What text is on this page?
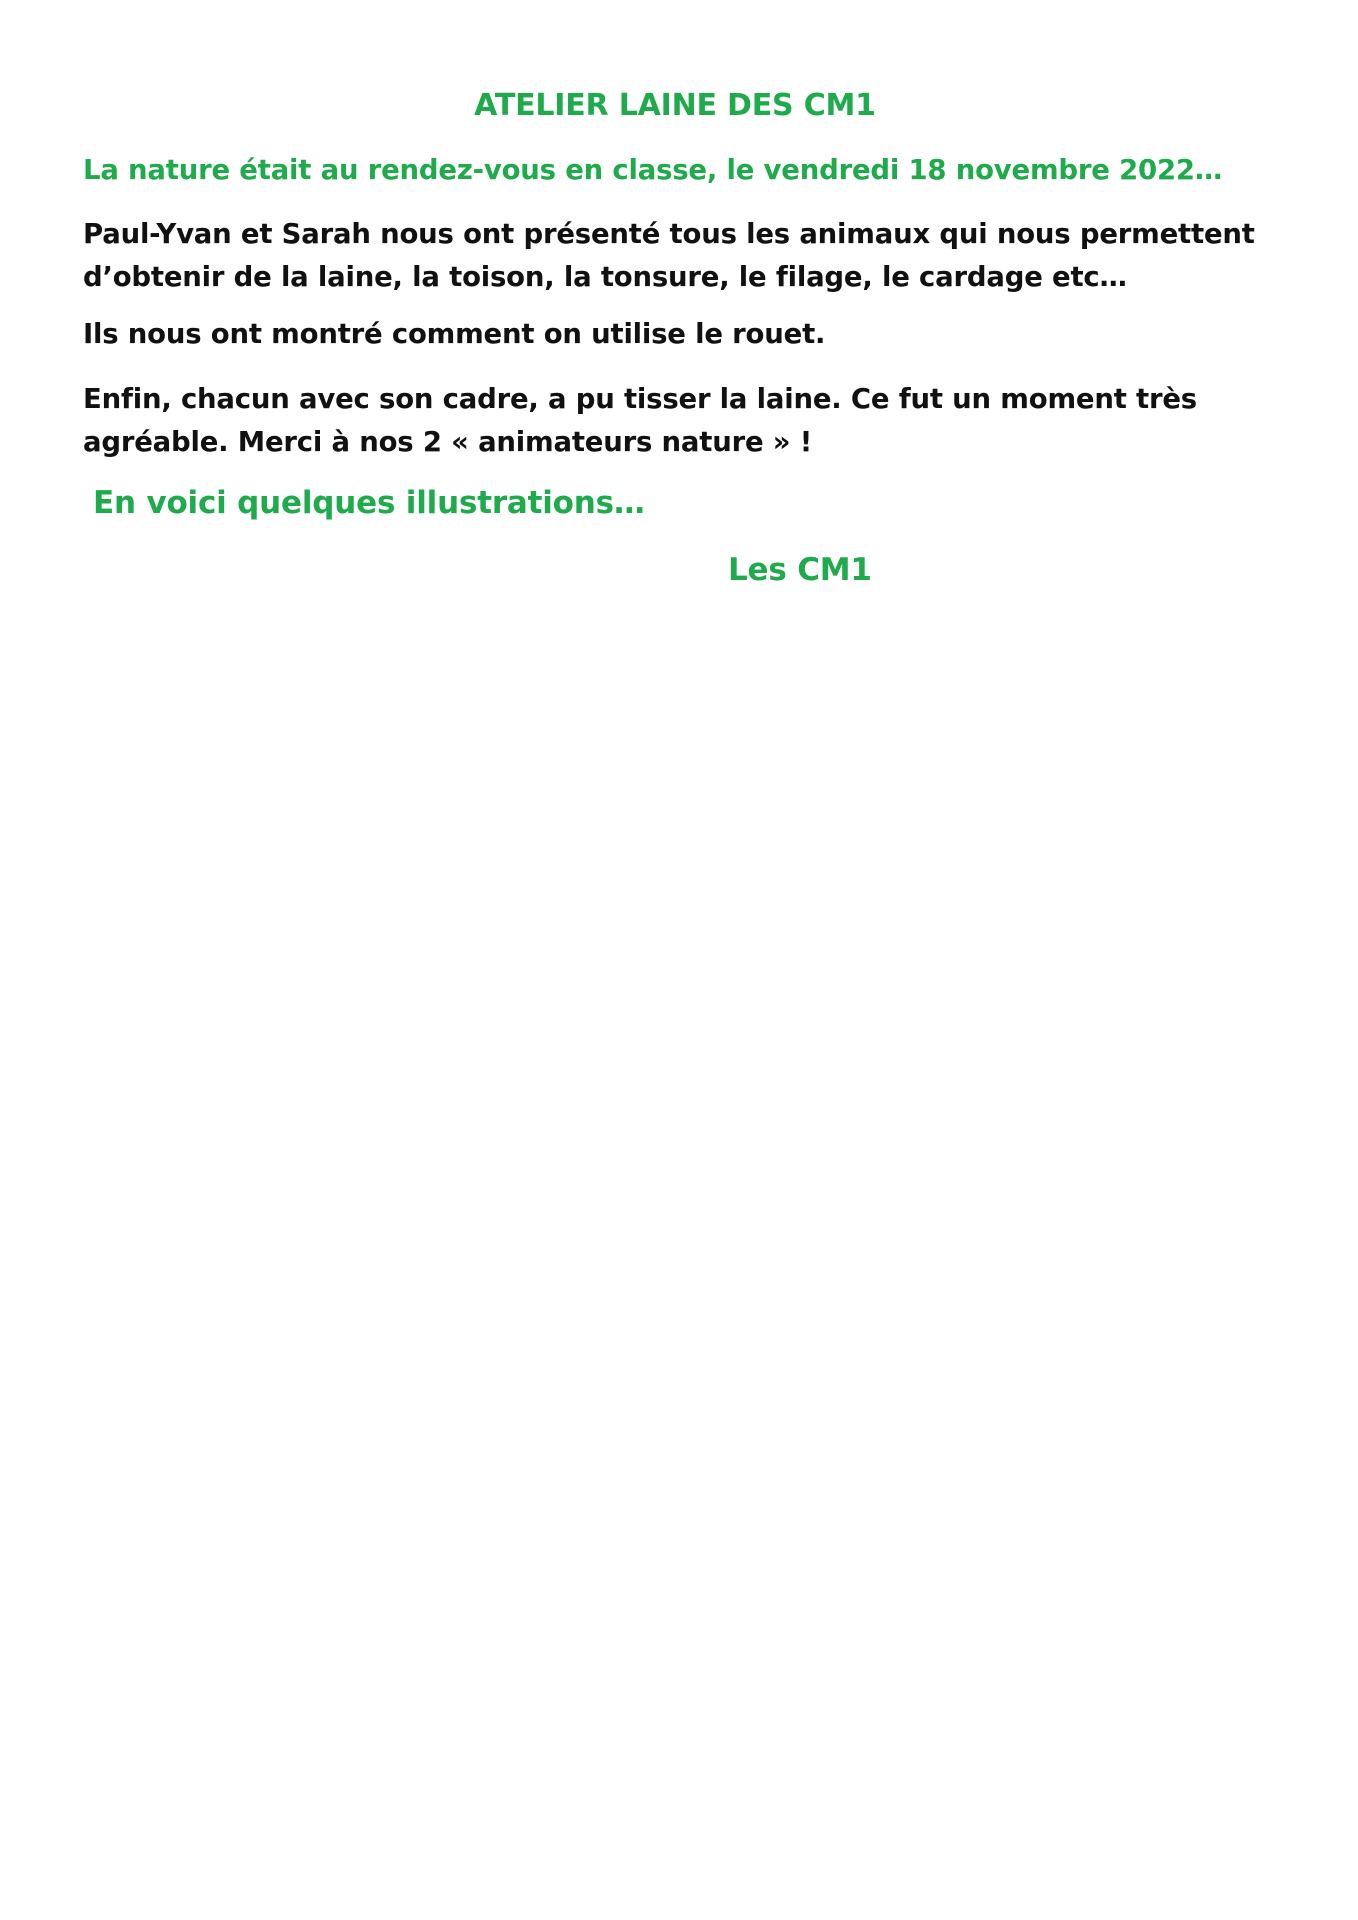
ATELIER LAINE DES CM1

La nature était au rendez-vous en classe, le vendredi 18 novembre 2022…

Paul-Yvan et Sarah nous ont présenté tous les animaux qui nous permettent
d’obtenir de la laine, la toison, la tonsure, le filage, le cardage etc…

Ils nous ont montré comment on utilise le rouet.

Enfin, chacun avec son cadre, a pu tisser la laine. Ce fut un moment très
agréable. Merci à nos 2 « animateurs nature » !

En voici quelques illustrations…

Les CM1
